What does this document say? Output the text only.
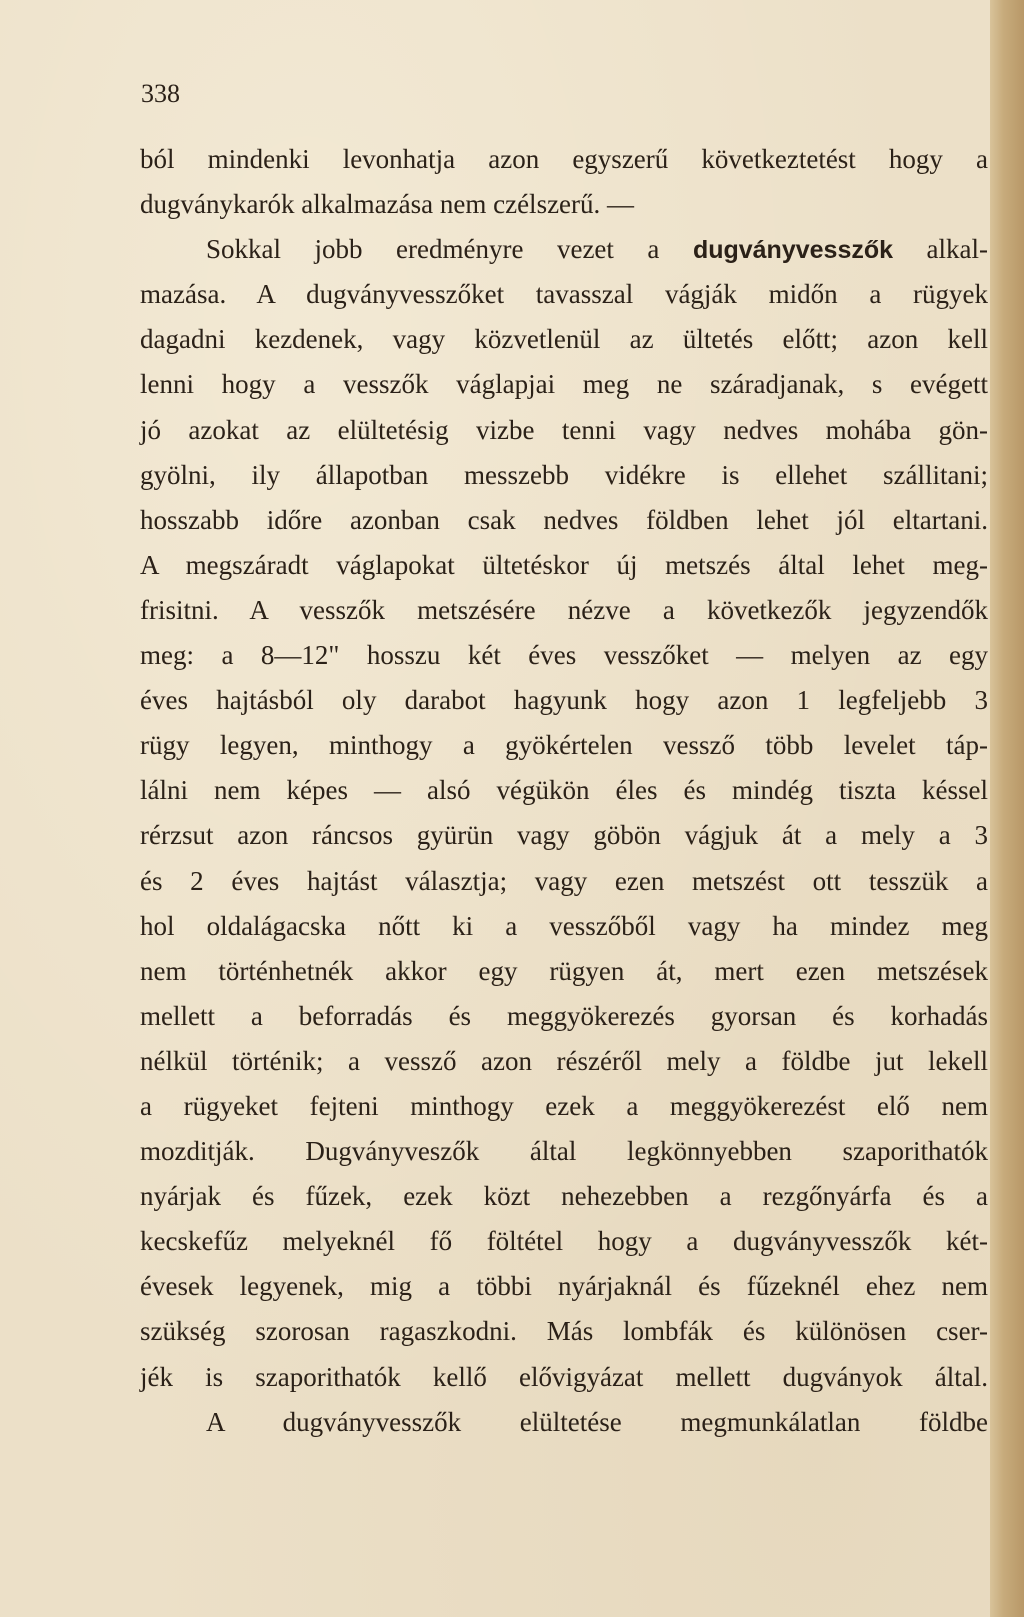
338

ból mindenki levonhatja azon egyszerű következtetést hogy a
dugványkarók alkalmazása nem czélszerű. —
Sokkal jobb eredményre vezet a dugványvesszők alkal-
mazása. A dugványvesszőket tavasszal vágják midőn a rügyek
dagadni kezdenek, vagy közvetlenül az ültetés előtt; azon kell
lenni hogy a vesszők váglapjai meg ne száradjanak, s evégett
jó azokat az elültetésig vizbe tenni vagy nedves mohába gön-
gyölni, ily állapotban messzebb vidékre is ellehet szállitani;
hosszabb időre azonban csak nedves földben lehet jól eltartani.
A megszáradt váglapokat ültetéskor új metszés által lehet meg-
frisitni. A vesszők metszésére nézve a következők jegyzendők
meg: a 8—12" hosszu két éves vesszőket — melyen az egy
éves hajtásból oly darabot hagyunk hogy azon 1 legfeljebb 3
rügy legyen, minthogy a gyökértelen vessző több levelet táp-
lálni nem képes — alsó végükön éles és mindég tiszta késsel
rérzsut azon ráncsos gyürün vagy göbön vágjuk át a mely a 3
és 2 éves hajtást választja; vagy ezen metszést ott tesszük a
hol oldalágacska nőtt ki a vesszőből vagy ha mindez meg
nem történhetnék akkor egy rügyen át, mert ezen metszések
mellett a beforradás és meggyökerezés gyorsan és korhadás
nélkül történik; a vessző azon részéről mely a földbe jut lekell
a rügyeket fejteni minthogy ezek a meggyökerezést elő nem
mozditják. Dugványveszők által legkönnyebben szaporithatók
nyárjak és fűzek, ezek közt nehezebben a rezgőnyárfa és a
kecskefűz melyeknél fő föltétel hogy a dugványvesszők két-
évesek legyenek, mig a többi nyárjaknál és fűzeknél ehez nem
szükség szorosan ragaszkodni. Más lombfák és különösen cser-
jék is szaporithatók kellő elővigyázat mellett dugványok által.
A dugványvesszők elültetése megmunkálatlan földbe
